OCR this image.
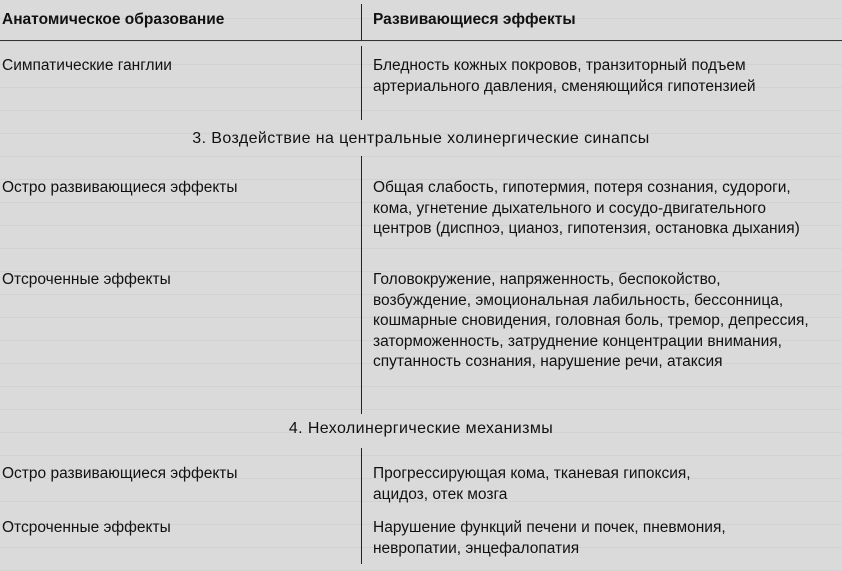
Анатомическое образование	Развивающиеся эффекты
Симпатические ганглии	Бледность кожных покровов, транзиторный подъем артериального давления, сменяющийся гипотензией
3. Воздействие на центральные холинергические синапсы
Остро развивающиеся эффекты	Общая слабость, гипотермия, потеря сознания, судороги, кома, угнетение дыхательного и сосудо-двигательного центров (диспноэ, цианоз, гипотензия, остановка дыхания)
Отсроченные эффекты	Головокружение, напряженность, беспокойство, возбуждение, эмоциональная лабильность, бессонница, кошмарные сновидения, головная боль, тремор, депрессия, заторможенность, затруднение концентрации внимания, спутанность сознания, нарушение речи, атаксия
4. Нехолинергические механизмы
Остро развивающиеся эффекты	Прогрессирующая кома, тканевая гипоксия, ацидоз, отек мозга
Отсроченные эффекты	Нарушение функций печени и почек, пневмония, невропатии, энцефалопатия
